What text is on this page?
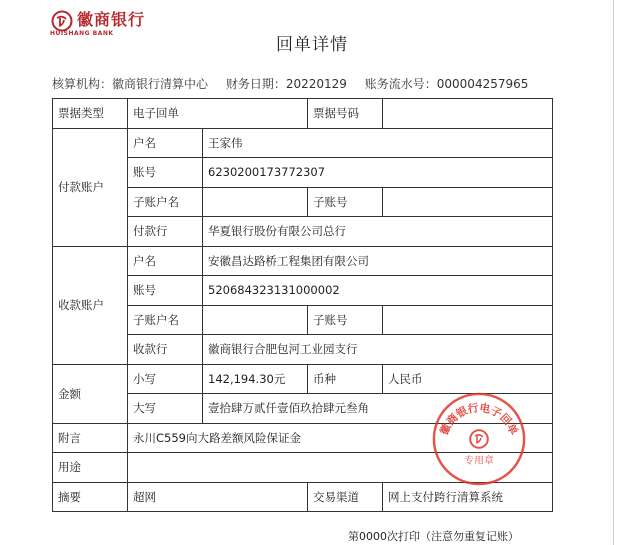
徽商银行
HUISHANG BANK
回单详情
核算机构：徽商银行清算中心 财务日期：20220129 账务流水号：000004257965
票据类型	电子回单		票据号码	
付款账户	户名	王家伟		
	账号	6230200173772307		
	子账户名		子账号	
	付款行	华夏银行股份有限公司总行		
收款账户	户名	安徽昌达路桥工程集团有限公司		
	账号	520684323131000002		
	子账户名		子账号	
	收款行	徽商银行合肥包河工业园支行		
金额	小写	142,194.30元	币种	人民币
	大写	壹拾肆万贰仟壹佰玖拾肆元叁角		
附言	永川C559向大路差额风险保证金			
用途				
摘要	超网		交易渠道	网上支付跨行清算系统
徽商银行电子回单
专用章
第0000次打印（注意勿重复记账）
